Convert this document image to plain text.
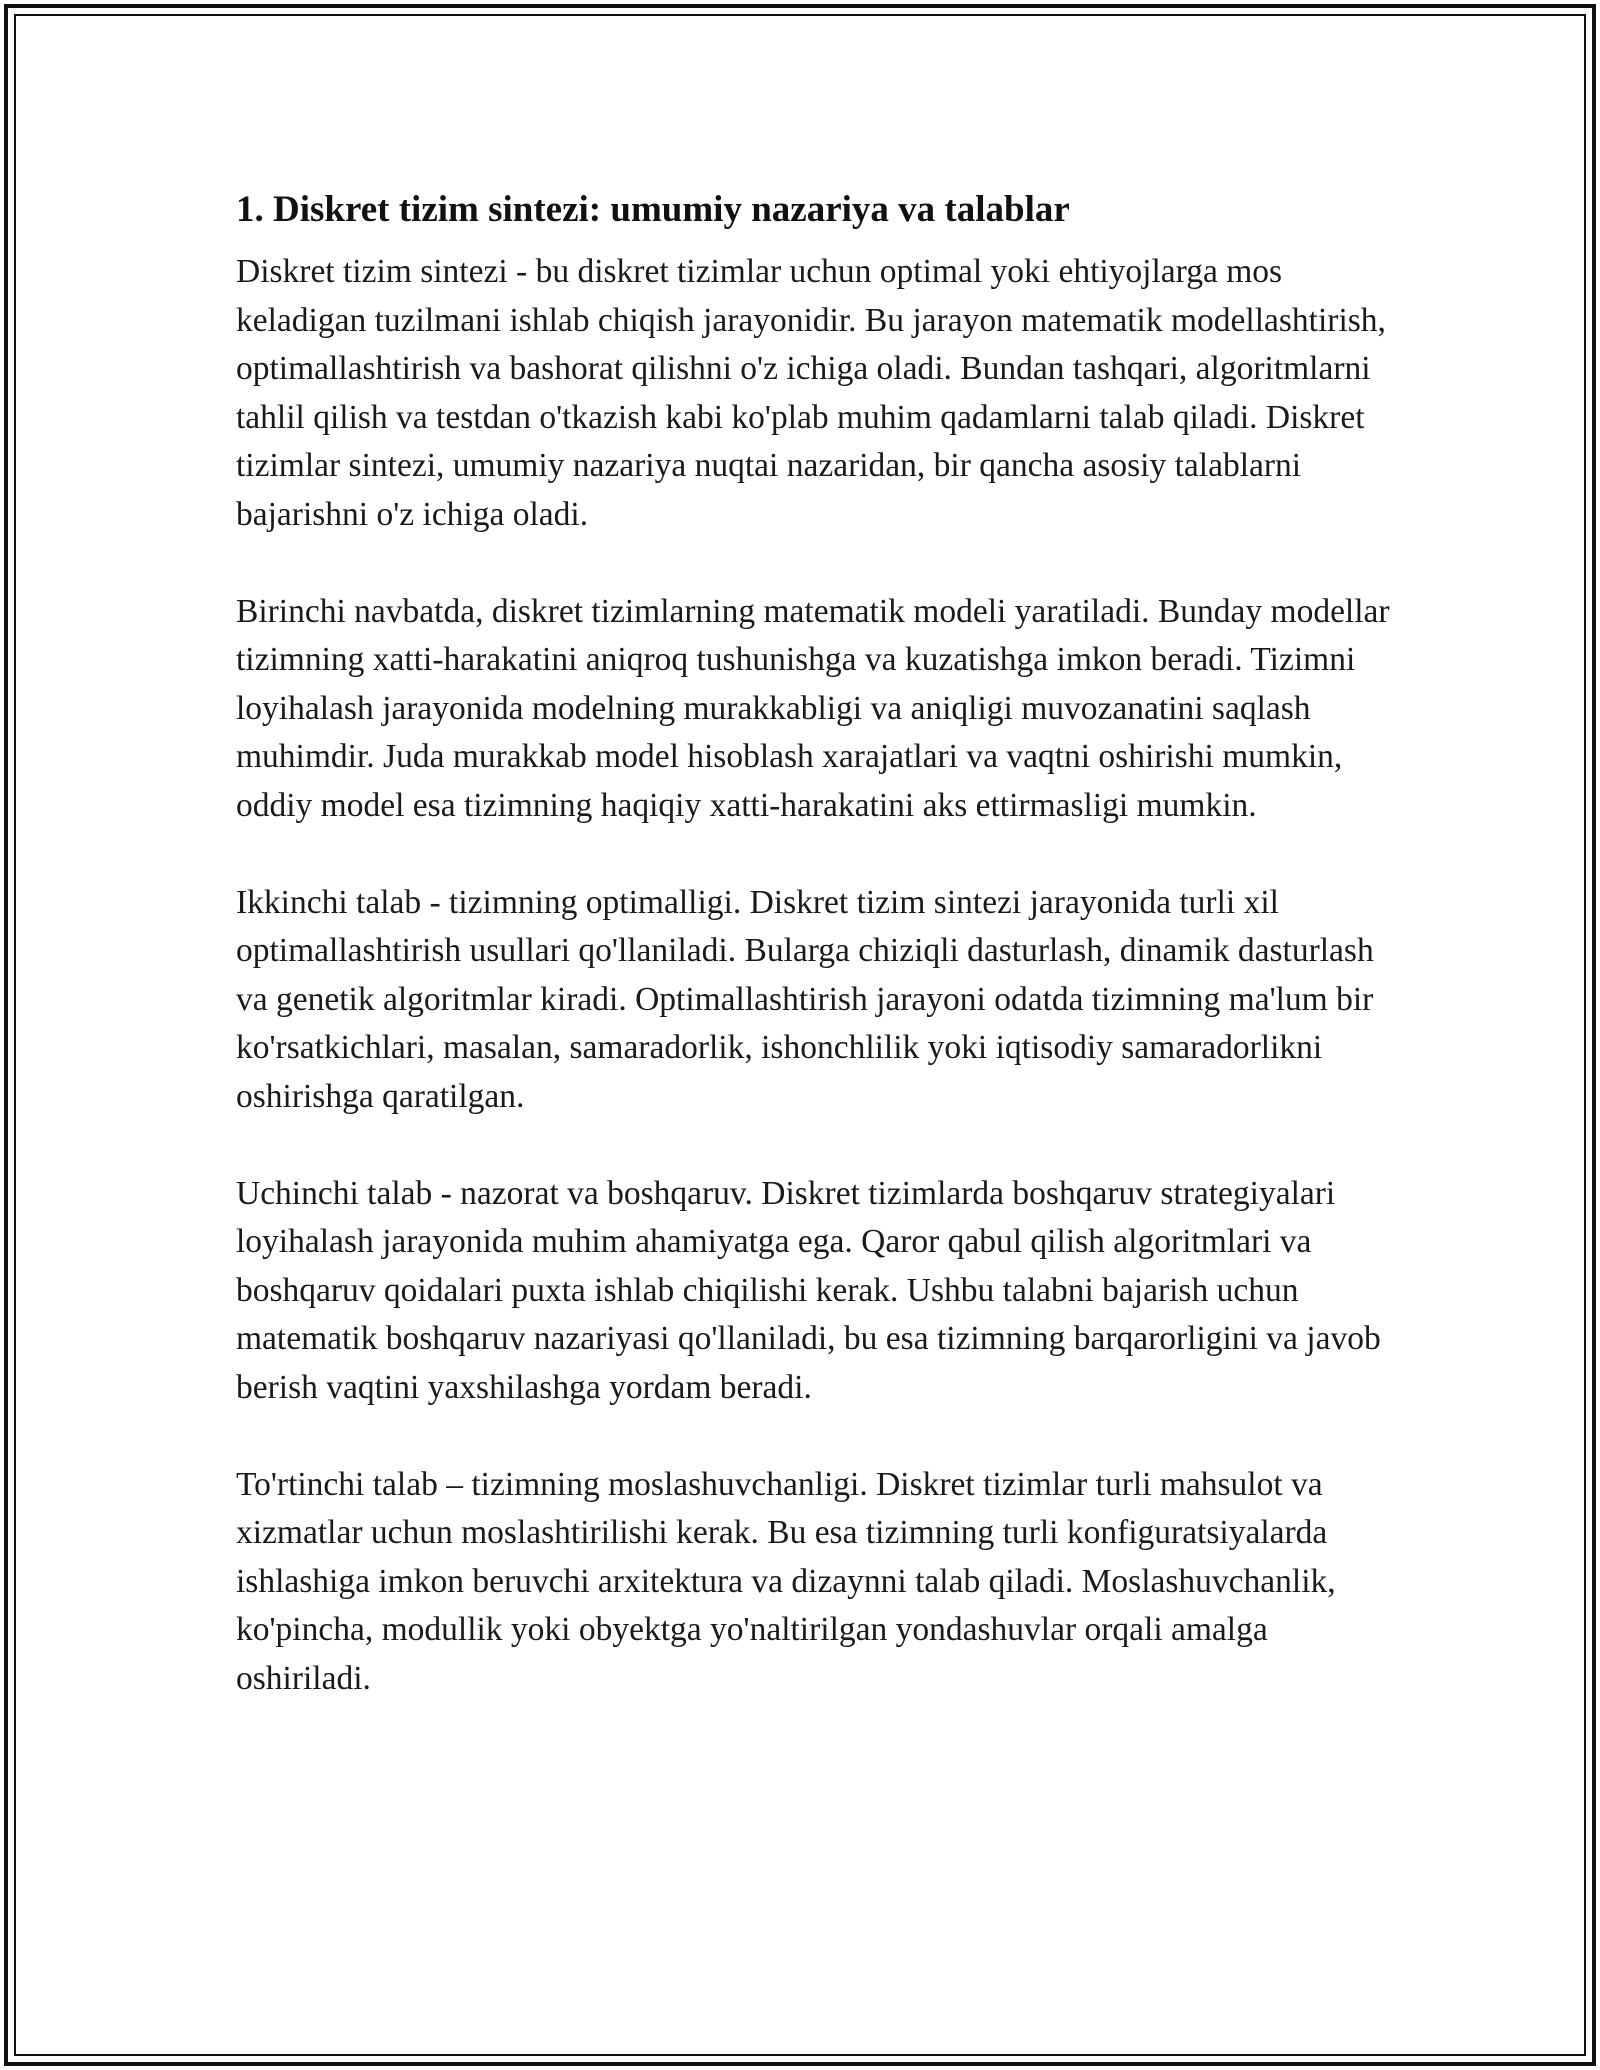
1. Diskret tizim sintezi: umumiy nazariya va talablar

Diskret tizim sintezi - bu diskret tizimlar uchun optimal yoki ehtiyojlarga mos keladigan tuzilmani ishlab chiqish jarayonidir. Bu jarayon matematik modellashtirish, optimallashtirish va bashorat qilishni o'z ichiga oladi. Bundan tashqari, algoritmlarni tahlil qilish va testdan o'tkazish kabi ko'plab muhim qadamlarni talab qiladi. Diskret tizimlar sintezi, umumiy nazariya nuqtai nazaridan, bir qancha asosiy talablarni bajarishni o'z ichiga oladi.

Birinchi navbatda, diskret tizimlarning matematik modeli yaratiladi. Bunday modellar tizimning xatti-harakatini aniqroq tushunishga va kuzatishga imkon beradi. Tizimni loyihalash jarayonida modelning murakkabligi va aniqligi muvozanatini saqlash muhimdir. Juda murakkab model hisoblash xarajatlari va vaqtni oshirishi mumkin, oddiy model esa tizimning haqiqiy xatti-harakatini aks ettirmasligi mumkin.

Ikkinchi talab - tizimning optimalligi. Diskret tizim sintezi jarayonida turli xil optimallashtirish usullari qo'llaniladi. Bularga chiziqli dasturlash, dinamik dasturlash va genetik algoritmlar kiradi. Optimallashtirish jarayoni odatda tizimning ma'lum bir ko'rsatkichlari, masalan, samaradorlik, ishonchlilik yoki iqtisodiy samaradorlikni oshirishga qaratilgan.

Uchinchi talab - nazorat va boshqaruv. Diskret tizimlarda boshqaruv strategiyalari loyihalash jarayonida muhim ahamiyatga ega. Qaror qabul qilish algoritmlari va boshqaruv qoidalari puxta ishlab chiqilishi kerak. Ushbu talabni bajarish uchun matematik boshqaruv nazariyasi qo'llaniladi, bu esa tizimning barqarorligini va javob berish vaqtini yaxshilashga yordam beradi.

To'rtinchi talab – tizimning moslashuvchanligi. Diskret tizimlar turli mahsulot va xizmatlar uchun moslashtirilishi kerak. Bu esa tizimning turli konfiguratsiyalarda ishlashiga imkon beruvchi arxitektura va dizaynni talab qiladi. Moslashuvchanlik, ko'pincha, modullik yoki obyektga yo'naltirilgan yondashuvlar orqali amalga oshiriladi.
